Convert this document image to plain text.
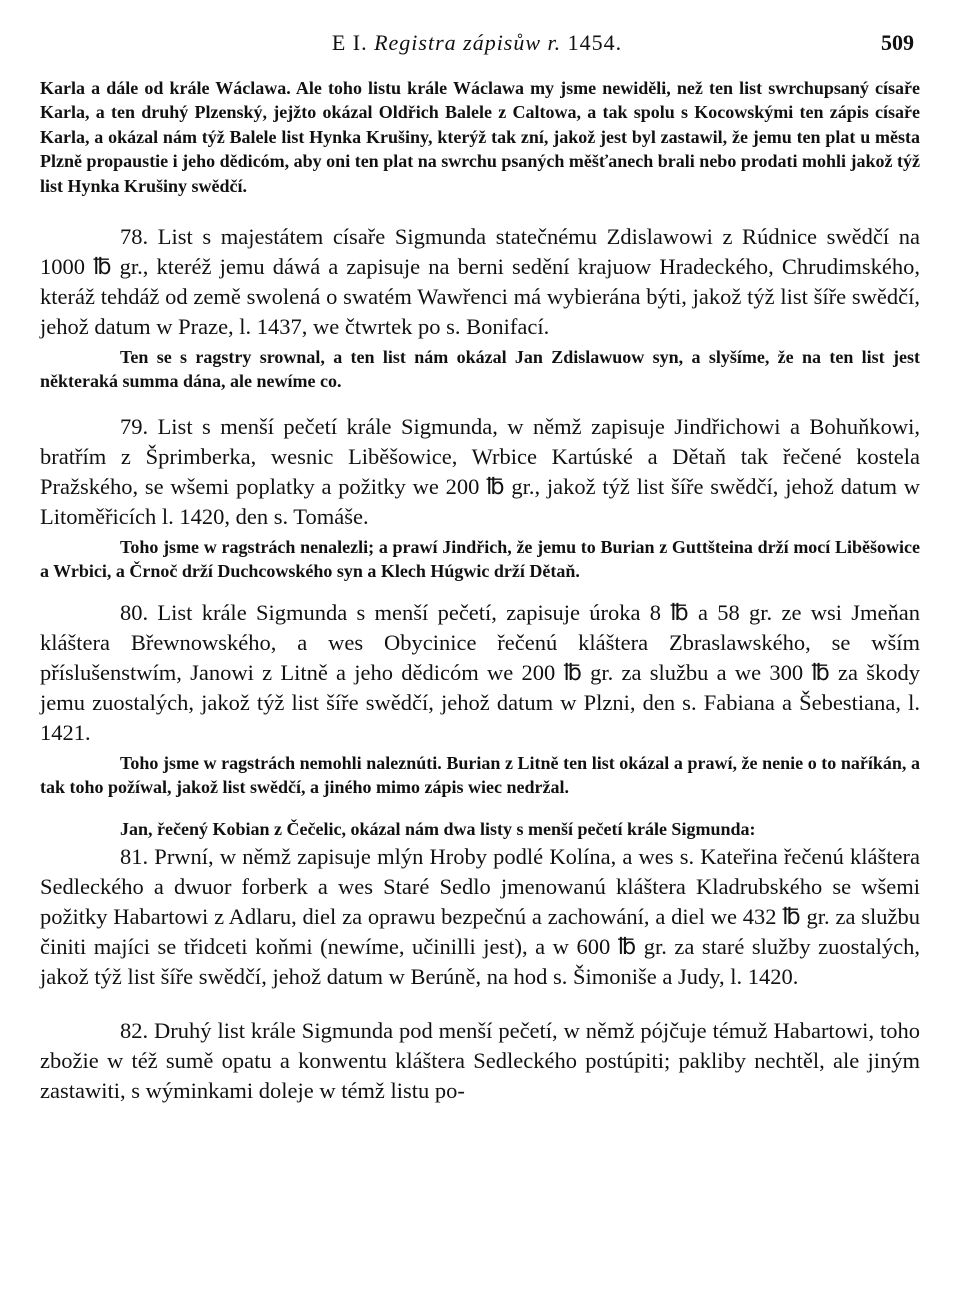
E I. Registra zápisůw r. 1454.	509

Karla a dále od krále Wáclawa. Ale toho listu krále Wáclawa my jsme newiděli, než ten list swrchupsaný císaře Karla, a ten druhý Plzenský, jejžto okázal Oldřich Balele z Caltowa, a tak spolu s Kocowskými ten zápis císaře Karla, a okázal nám týž Balele list Hynka Krušiny, kterýž tak zní, jakož jest byl zastawil, že jemu ten plat u města Plzně propaustie i jeho dědicóm, aby oni ten plat na swrchu psaných měšťanech brali nebo prodati mohli jakož týž list Hynka Krušiny swědčí.

78. List s majestátem císaře Sigmunda statečnému Zdislawowi z Rúdnice swědčí na 1000 ℔ gr., kteréž jemu dáwá a zapisuje na berni sedění krajuow Hradeckého, Chrudimského, kteráž tehdáž od země swolená o swatém Wawřenci má wybierána býti, jakož týž list šíře swědčí, jehož datum w Praze, l. 1437, we čtwrtek po s. Bonifací.

Ten se s ragstry srownal, a ten list nám okázal Jan Zdislawuow syn, a slyšíme, že na ten list jest některaká summa dána, ale newíme co.

79. List s menší pečetí krále Sigmunda, w němž zapisuje Jindřichowi a Bohuňkowi, bratřím z Šprimberka, wesnic Liběšowice, Wrbice Kartúské a Dětaň tak řečené kostela Pražského, se wšemi poplatky a požitky we 200 ℔ gr., jakož týž list šíře swědčí, jehož datum w Litoměřicích l. 1420, den s. Tomáše.

Toho jsme w ragstrách nenalezli; a prawí Jindřich, že jemu to Burian z Guttšteina drží mocí Liběšowice a Wrbici, a Črnoč drží Duchcowského syn a Klech Húgwic drží Dětaň.

80. List krále Sigmunda s menší pečetí, zapisuje úroka 8 ℔ a 58 gr. ze wsi Jmeňan kláštera Břewnowského, a wes Obycinice řečenú kláštera Zbraslawského, se wším příslušenstwím, Janowi z Litně a jeho dědicóm we 200 ℔ gr. za službu a we 300 ℔ za škody jemu zuostalých, jakož týž list šíře swědčí, jehož datum w Plzni, den s. Fabiana a Šebestiana, l. 1421.

Toho jsme w ragstrách nemohli naleznúti. Burian z Litně ten list okázal a prawí, že nenie o to naříkán, a tak toho požíwal, jakož list swědčí, a jiného mimo zápis wiec nedržal.

Jan, řečený Kobian z Čečelic, okázal nám dwa listy s menší pečetí krále Sigmunda:

81. Prwní, w němž zapisuje mlýn Hroby podlé Kolína, a wes s. Kateřina řečenú kláštera Sedleckého a dwuor forberk a wes Staré Sedlo jmenowanú kláštera Kladrubského se wšemi požitky Habartowi z Adlaru, diel za oprawu bezpečnú a zachowání, a diel we 432 ℔ gr. za službu činiti majíci se třidceti koňmi (newíme, učinilli jest), a w 600 ℔ gr. za staré služby zuostalých, jakož týž list šíře swědčí, jehož datum w Berúně, na hod s. Šimoniše a Judy, l. 1420.

82. Druhý list krále Sigmunda pod menší pečetí, w němž pójčuje témuž Habartowi, toho zbožie w též sumě opatu a konwentu kláštera Sedleckého postúpiti; pakliby nechtěl, ale jiným zastawiti, s wýminkami doleje w témž listu po-
